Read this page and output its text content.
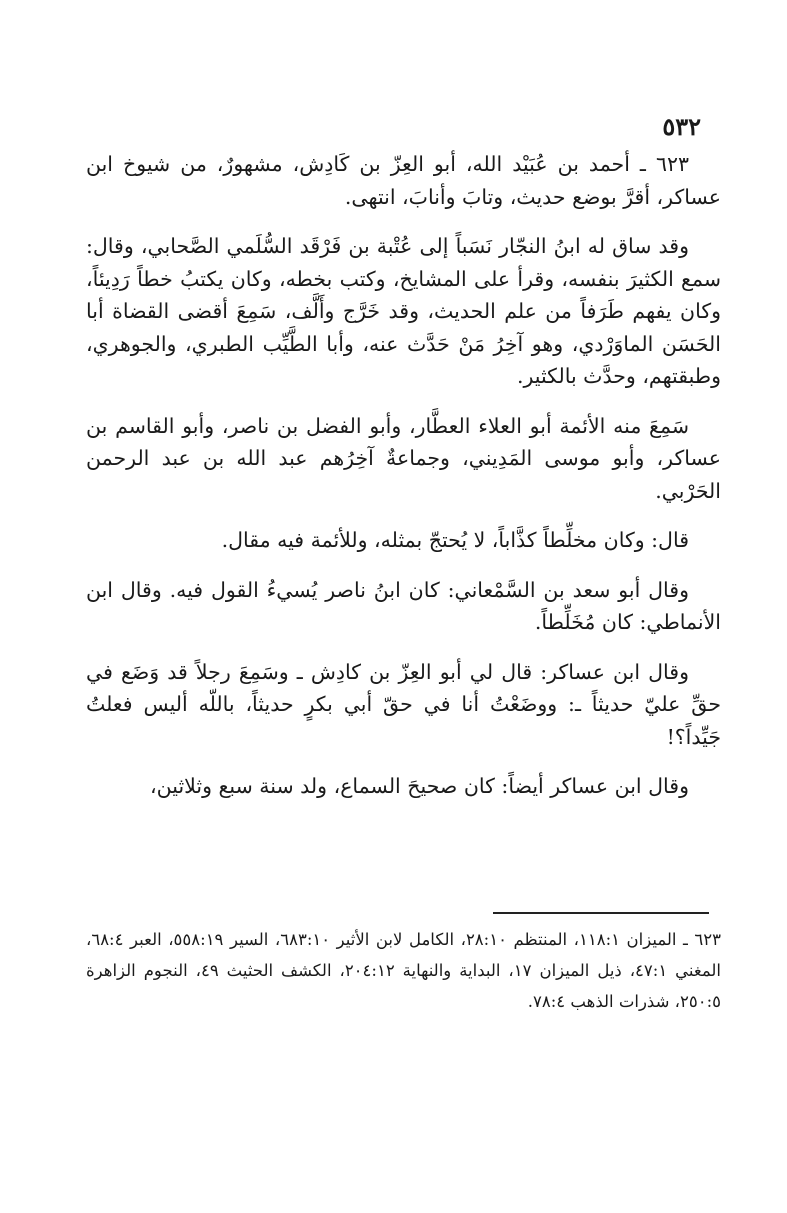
٥٣٢

٦٢٣ ـ أحمد بن عُبَيْد الله، أبو العِزّ بن كَادِش، مشهورٌ، من شيوخ ابن عساكر، أقرَّ بوضع حديث، وتابَ وأنابَ، انتهى.

وقد ساق له ابنُ النجّار نَسَباً إلى عُتْبة بن فَرْقَد السُّلَمي الصَّحابي، وقال: سمع الكثيرَ بنفسه، وقرأ على المشايخ، وكتب بخطه، وكان يكتبُ خطاً رَدِيئاً، وكان يفهم طَرَفاً من علم الحديث، وقد خَرَّج وأَلَّف، سَمِعَ أقضى القضاة أبا الحَسَن الماوَرْدي، وهو آخِرُ مَنْ حَدَّث عنه، وأبا الطَّيِّب الطبري، والجوهري، وطبقتهم، وحدَّث بالكثير.

سَمِعَ منه الأئمة أبو العلاء العطَّار، وأبو الفضل بن ناصر، وأبو القاسم بن عساكر، وأبو موسى المَدِيني، وجماعةٌ آخِرُهم عبد الله بن عبد الرحمن الحَرْبي.

قال: وكان مخلِّطاً كذَّاباً، لا يُحتجّ بمثله، وللأئمة فيه مقال.

وقال أبو سعد بن السَّمْعاني: كان ابنُ ناصر يُسيءُ القول فيه. وقال ابن الأنماطي: كان مُخَلِّطاً.

وقال ابن عساكر: قال لي أبو العِزّ بن كادِش ـ وسَمِعَ رجلاً قد وَضَع في حقِّ عليّ حديثاً ـ: ووضَعْتُ أنا في حقّ أبي بكرٍ حديثاً، باللّه أليس فعلتُ جَيِّداً؟!

وقال ابن عساكر أيضاً: كان صحيحَ السماع، ولد سنة سبع وثلاثين،

٦٢٣ ـ الميزان ١١٨:١، المنتظم ٢٨:١٠، الكامل لابن الأثير ٦٨٣:١٠، السير ٥٥٨:١٩، العبر ٦٨:٤، المغني ٤٧:١، ذيل الميزان ١٧، البداية والنهاية ٢٠٤:١٢، الكشف الحثيث ٤٩، النجوم الزاهرة ٢٥٠:٥، شذرات الذهب ٧٨:٤.
